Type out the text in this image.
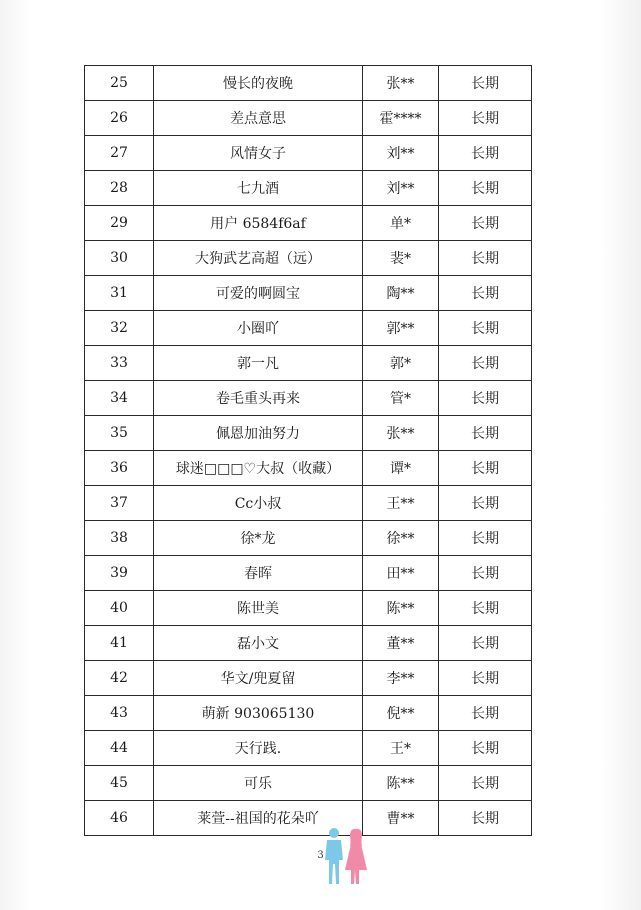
25	慢长的夜晚	张**	长期
26	差点意思	霍****	长期
27	风情女子	刘**	长期
28	七九酒	刘**	长期
29	用户 6584f6af	单*	长期
30	大狗武艺高超（远）	裴*	长期
31	可爱的啊圆宝	陶**	长期
32	小圈吖	郭**	长期
33	郭一凡	郭*	长期
34	卷毛重头再来	管*	长期
35	佩恩加油努力	张**	长期
36	球迷□□□♡大叔（收藏）	谭*	长期
37	Cc小叔	王**	长期
38	徐*龙	徐**	长期
39	春晖	田**	长期
40	陈世美	陈**	长期
41	磊小文	董**	长期
42	华文/兜夏留	李**	长期
43	萌新 903065130	倪**	长期
44	天行践.	王*	长期
45	可乐	陈**	长期
46	莱萱--祖国的花朵吖	曹**	长期
3
